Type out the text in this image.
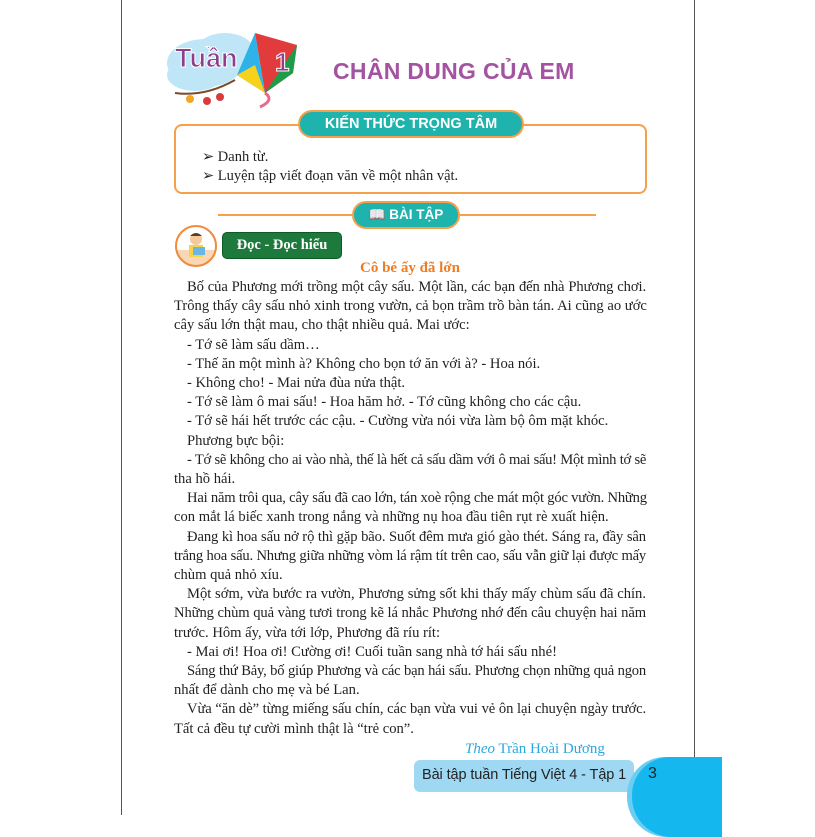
Tuần 1 CHÂN DUNG CỦA EM
KIẾN THỨC TRỌNG TÂM
➢ Danh từ.
➢ Luyện tập viết đoạn văn về một nhân vật.
📖 BÀI TẬP
Đọc - Đọc hiểu
Cô bé ấy đã lớn
Bố của Phương mới trồng một cây sấu. Một lần, các bạn đến nhà Phương chơi.
Trông thấy cây sấu nhỏ xinh trong vườn, cả bọn trầm trồ bàn tán. Ai cũng ao ước
cây sấu lớn thật mau, cho thật nhiều quả. Mai ước:
- Tớ sẽ làm sấu dầm…
- Thế ăn một mình à? Không cho bọn tớ ăn với à? - Hoa nói.
- Không cho! - Mai nửa đùa nửa thật.
- Tớ sẽ làm ô mai sấu! - Hoa hăm hở. - Tớ cũng không cho các cậu.
- Tớ sẽ hái hết trước các cậu. - Cường vừa nói vừa làm bộ ôm mặt khóc.
Phương bực bội:
- Tớ sẽ không cho ai vào nhà, thế là hết cả sấu dầm với ô mai sấu! Một mình tớ sẽ
tha hồ hái.
Hai năm trôi qua, cây sấu đã cao lớn, tán xoè rộng che mát một góc vườn. Những
con mắt lá biếc xanh trong nắng và những nụ hoa đầu tiên rụt rè xuất hiện.
Đang kì hoa sấu nở rộ thì gặp bão. Suốt đêm mưa gió gào thét. Sáng ra, đầy sân
trắng hoa sấu. Nhưng giữa những vòm lá rậm tít trên cao, sấu vẫn giữ lại được mấy
chùm quả nhỏ xíu.
Một sớm, vừa bước ra vườn, Phương sửng sốt khi thấy mấy chùm sấu đã chín.
Những chùm quả vàng tươi trong kẽ lá nhắc Phương nhớ đến câu chuyện hai năm
trước. Hôm ấy, vừa tới lớp, Phương đã ríu rít:
- Mai ơi! Hoa ơi! Cường ơi! Cuối tuần sang nhà tớ hái sấu nhé!
Sáng thứ Bảy, bố giúp Phương và các bạn hái sấu. Phương chọn những quả ngon
nhất để dành cho mẹ và bé Lan.
Vừa “ăn dè” từng miếng sấu chín, các bạn vừa vui vẻ ôn lại chuyện ngày trước.
Tất cả đều tự cười mình thật là “trẻ con”.
Theo Trần Hoài Dương
Bài tập tuần Tiếng Việt 4 - Tập 1 3
